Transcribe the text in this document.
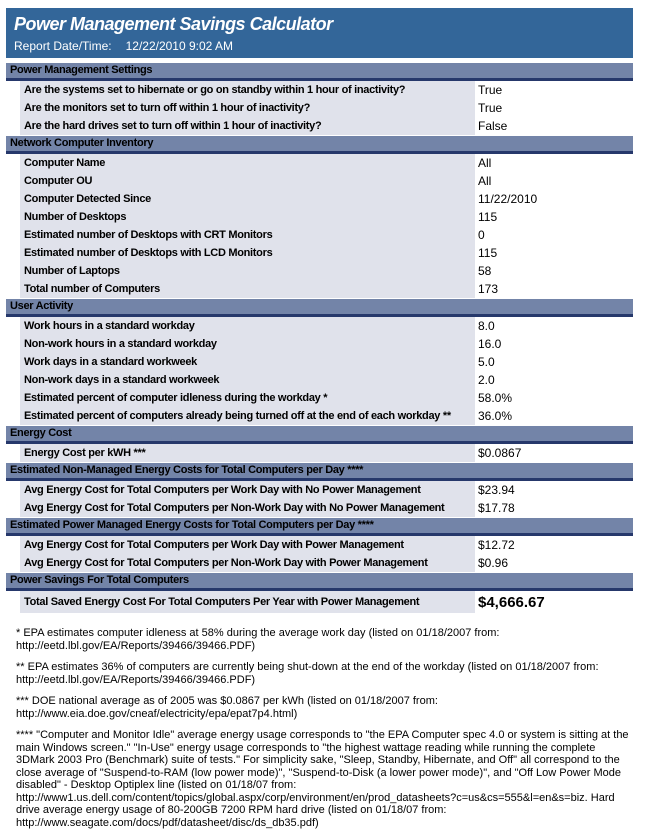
Power Management Savings Calculator
Report Date/Time: 12/22/2010 9:02 AM
Power Management Settings
Are the systems set to hibernate or go on standby within 1 hour of inactivity?	True
Are the monitors set to turn off within 1 hour of inactivity?	True
Are the hard drives set to turn off within 1 hour of inactivity?	False
Network Computer Inventory
Computer Name	All
Computer OU	All
Computer Detected Since	11/22/2010
Number of Desktops	115
Estimated number of Desktops with CRT Monitors	0
Estimated number of Desktops with LCD Monitors	115
Number of Laptops	58
Total number of Computers	173
User Activity
Work hours in a standard workday	8.0
Non-work hours in a standard workday	16.0
Work days in a standard workweek	5.0
Non-work days in a standard workweek	2.0
Estimated percent of computer idleness during the workday *	58.0%
Estimated percent of computers already being turned off at the end of each workday **	36.0%
Energy Cost
Energy Cost per kWH ***	$0.0867
Estimated Non-Managed Energy Costs for Total Computers per Day ****
Avg Energy Cost for Total Computers per Work Day with No Power Management	$23.94
Avg Energy Cost for Total Computers per Non-Work Day with No Power Management	$17.78
Estimated Power Managed Energy Costs for Total Computers per Day ****
Avg Energy Cost for Total Computers per Work Day with Power Management	$12.72
Avg Energy Cost for Total Computers per Non-Work Day with Power Management	$0.96
Power Savings For Total Computers
Total Saved Energy Cost For Total Computers Per Year with Power Management	$4,666.67

* EPA estimates computer idleness at 58% during the average work day (listed on 01/18/2007 from: http://eetd.lbl.gov/EA/Reports/39466/39466.PDF)

** EPA estimates 36% of computers are currently being shut-down at the end of the workday (listed on 01/18/2007 from: http://eetd.lbl.gov/EA/Reports/39466/39466.PDF)

*** DOE national average as of 2005 was $0.0867 per kWh (listed on 01/18/2007 from: http://www.eia.doe.gov/cneaf/electricity/epa/epat7p4.html)

**** "Computer and Monitor Idle" average energy usage corresponds to "the EPA Computer spec 4.0 or system is sitting at the main Windows screen." "In-Use" energy usage corresponds to "the highest wattage reading while running the complete 3DMark 2003 Pro (Benchmark) suite of tests." For simplicity sake, "Sleep, Standby, Hibernate, and Off" all correspond to the close average of "Suspend-to-RAM (low power mode)", "Suspend-to-Disk (a lower power mode)", and "Off Low Power Mode disabled" - Desktop Optiplex line (listed on 01/18/07 from: http://www1.us.dell.com/content/topics/global.aspx/corp/environment/en/prod_datasheets?c=us&cs=555&l=en&s=biz. Hard drive average energy usage of 80-200GB 7200 RPM hard drive (listed on 01/18/07 from: http://www.seagate.com/docs/pdf/datasheet/disc/ds_db35.pdf)
